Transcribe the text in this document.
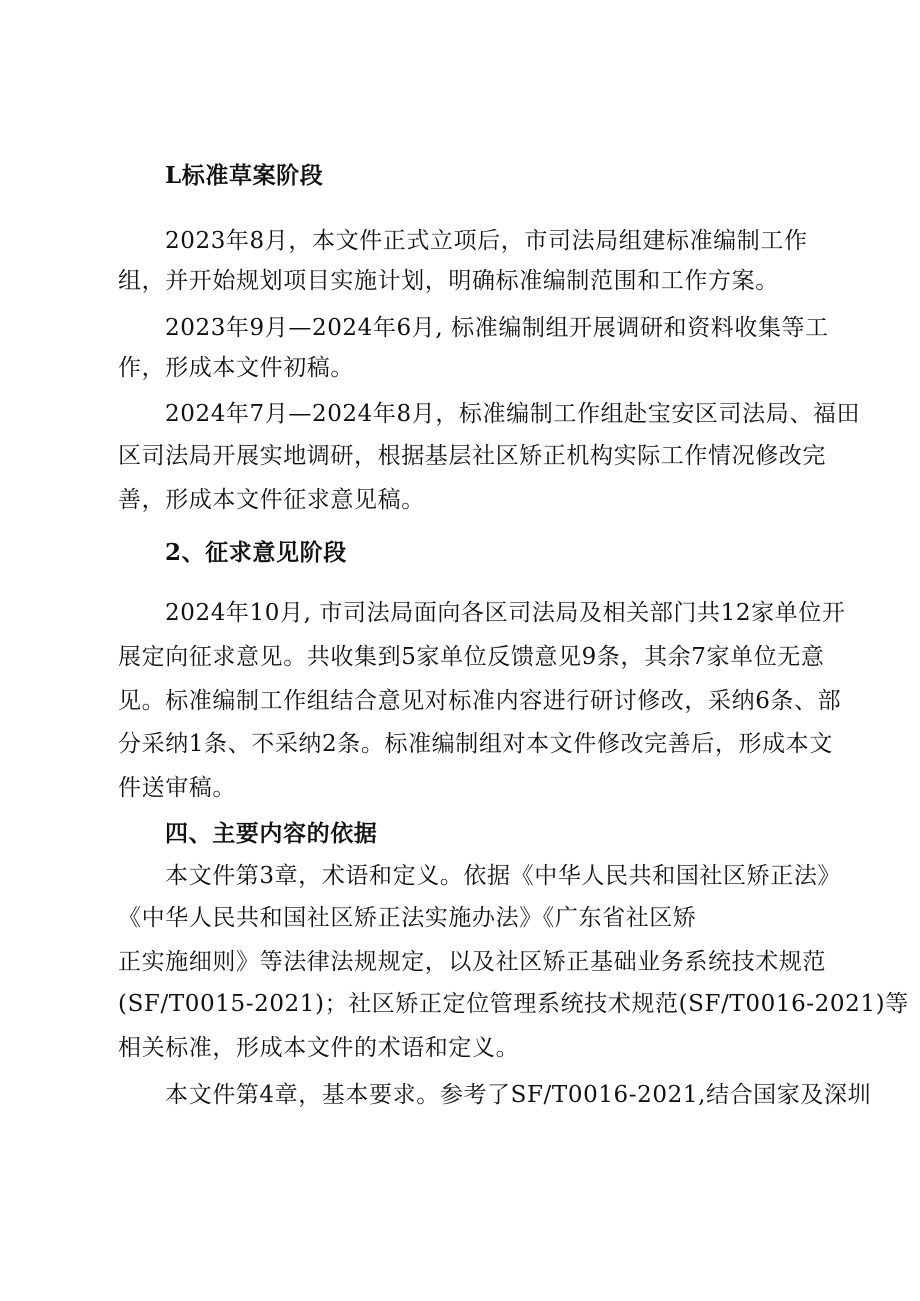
L标准草案阶段
2023年8月，本文件正式立项后，市司法局组建标准编制工作
组，并开始规划项目实施计划，明确标准编制范围和工作方案。
2023年9月—2024年6月, 标准编制组开展调研和资料收集等工
作，形成本文件初稿。
2024年7月—2024年8月，标准编制工作组赴宝安区司法局、福田
区司法局开展实地调研，根据基层社区矫正机构实际工作情况修改完
善，形成本文件征求意见稿。
2、征求意见阶段
2024年10月, 市司法局面向各区司法局及相关部门共12家单位开
展定向征求意见。共收集到5家单位反馈意见9条，其余7家单位无意
见。标准编制工作组结合意见对标准内容进行研讨修改，采纳6条、部
分采纳1条、不采纳2条。标准编制组对本文件修改完善后，形成本文
件送审稿。
四、主要内容的依据
本文件第3章，术语和定义。依据《中华人民共和国社区矫正法》
《中华人民共和国社区矫正法实施办法》《广东省社区矫
正实施细则》等法律法规规定，以及社区矫正基础业务系统技术规范
(SF/T0015-2021)；社区矫正定位管理系统技术规范(SF/T0016-2021)等
相关标准，形成本文件的术语和定义。
本文件第4章，基本要求。参考了SF/T0016-2021,结合国家及深圳
